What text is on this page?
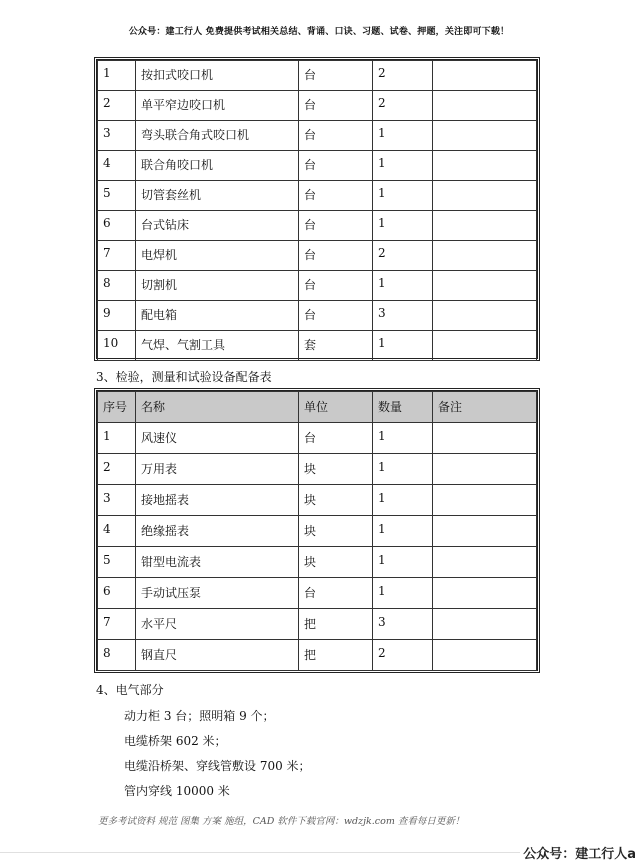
公众号：建工行人 免费提供考试相关总结、背诵、口诀、习题、试卷、押题，关注即可下载！
1	按扣式咬口机	台	2	
2	单平窄边咬口机	台	2	
3	弯头联合角式咬口机	台	1	
4	联合角咬口机	台	1	
5	切管套丝机	台	1	
6	台式钻床	台	1	
7	电焊机	台	2	
8	切割机	台	1	
9	配电箱	台	3	
10	气焊、气割工具	套	1	
3、检验，测量和试验设备配备表
序号	名称	单位	数量	备注
1	风速仪	台	1	
2	万用表	块	1	
3	接地摇表	块	1	
4	绝缘摇表	块	1	
5	钳型电流表	块	1	
6	手动试压泵	台	1	
7	水平尺	把	3	
8	钢直尺	把	2	
4、电气部分
动力柜 3 台；照明箱 9 个；
电缆桥架 602 米；
电缆沿桥架、穿线管敷设 700 米；
管内穿线 10000 米
更多考试资料 规范 图集 方案 施组，CAD 软件下载官网：wdzjk.com 查看每日更新！
公众号：建工行人a
